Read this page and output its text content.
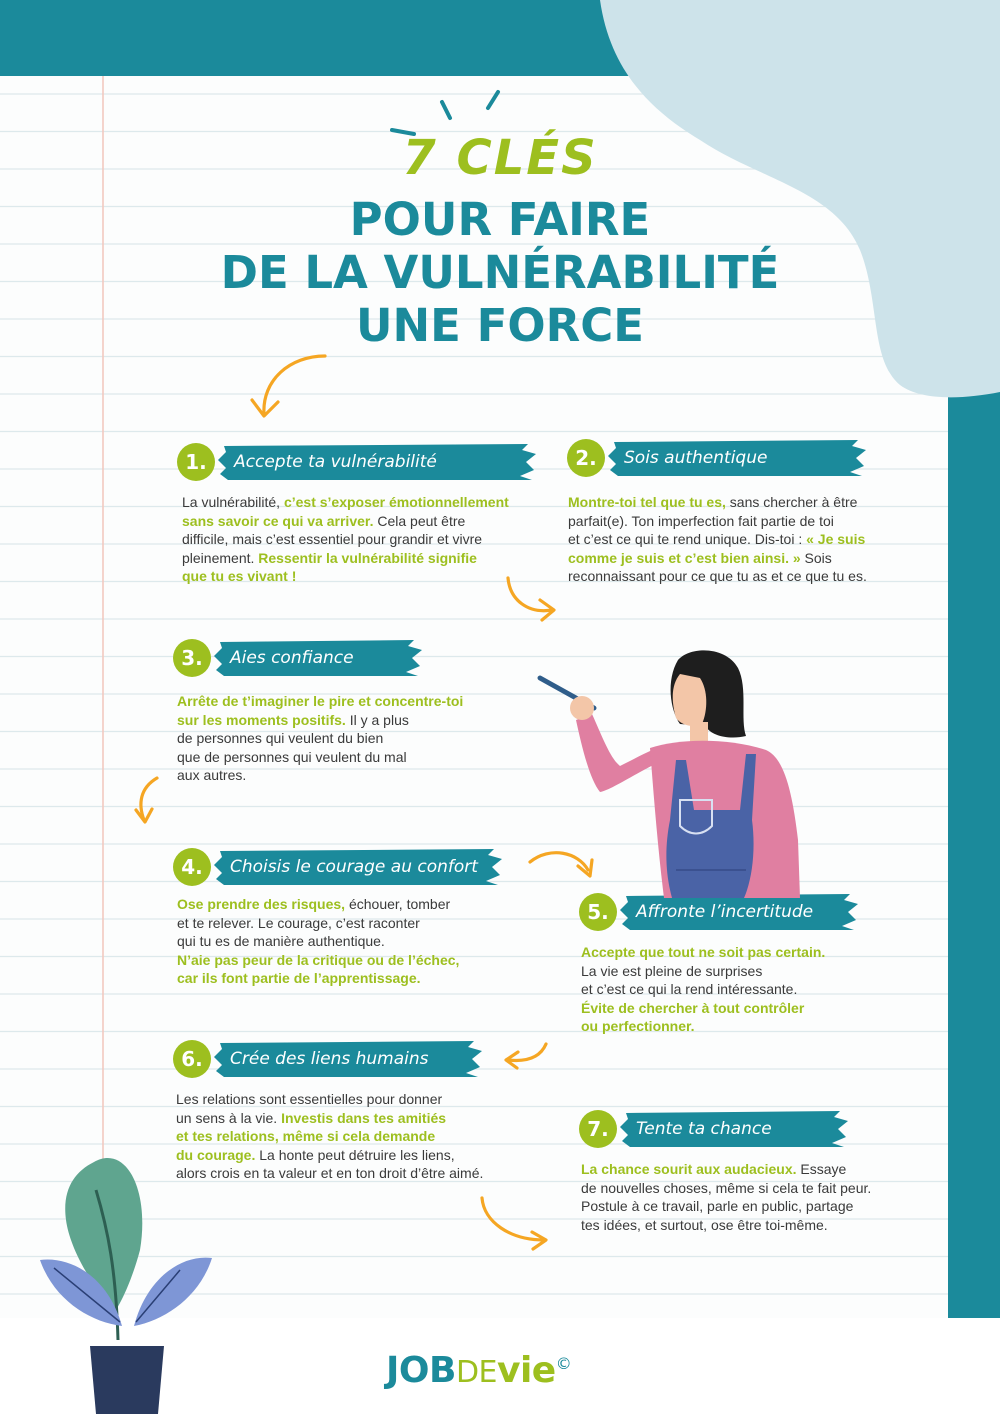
7 CLÉS
POUR FAIRE
DE LA VULNÉRABILITÉ
UNE FORCE
1.	Accepte ta vulnérabilité

La vulnérabilité, c’est s’exposer émotionnellement

sans savoir ce qui va arriver. Cela peut être

difficile, mais c’est essentiel pour grandir et vivre

pleinement. Ressentir la vulnérabilité signifie

que tu es vivant !

2.	Sois authentique

Montre-toi tel que tu es, sans chercher à être

parfait(e). Ton imperfection fait partie de toi

et c’est ce qui te rend unique. Dis-toi : « Je suis

comme je suis et c’est bien ainsi. » Sois

reconnaissant pour ce que tu as et ce que tu es.

3.	Aies confiance

Arrête de t’imaginer le pire et concentre-toi

sur les moments positifs. Il y a plus

de personnes qui veulent du bien

que de personnes qui veulent du mal

aux autres.

4.	Choisis le courage au confort

Ose prendre des risques, échouer, tomber

et te relever. Le courage, c’est raconter

qui tu es de manière authentique.

N’aie pas peur de la critique ou de l’échec,

car ils font partie de l’apprentissage.

5.	Affronte l’incertitude

Accepte que tout ne soit pas certain.

La vie est pleine de surprises

et c’est ce qui la rend intéressante.

Évite de chercher à tout contrôler

ou perfectionner.

6.	Crée des liens humains

Les relations sont essentielles pour donner

un sens à la vie. Investis dans tes amitiés

et tes relations, même si cela demande

du courage. La honte peut détruire les liens,

alors crois en ta valeur et en ton droit d’être aimé.

7.	Tente ta chance

La chance sourit aux audacieux. Essaye

de nouvelles choses, même si cela te fait peur.

Postule à ce travail, parle en public, partage

tes idées, et surtout, ose être toi-même.

JOBDEvie©
